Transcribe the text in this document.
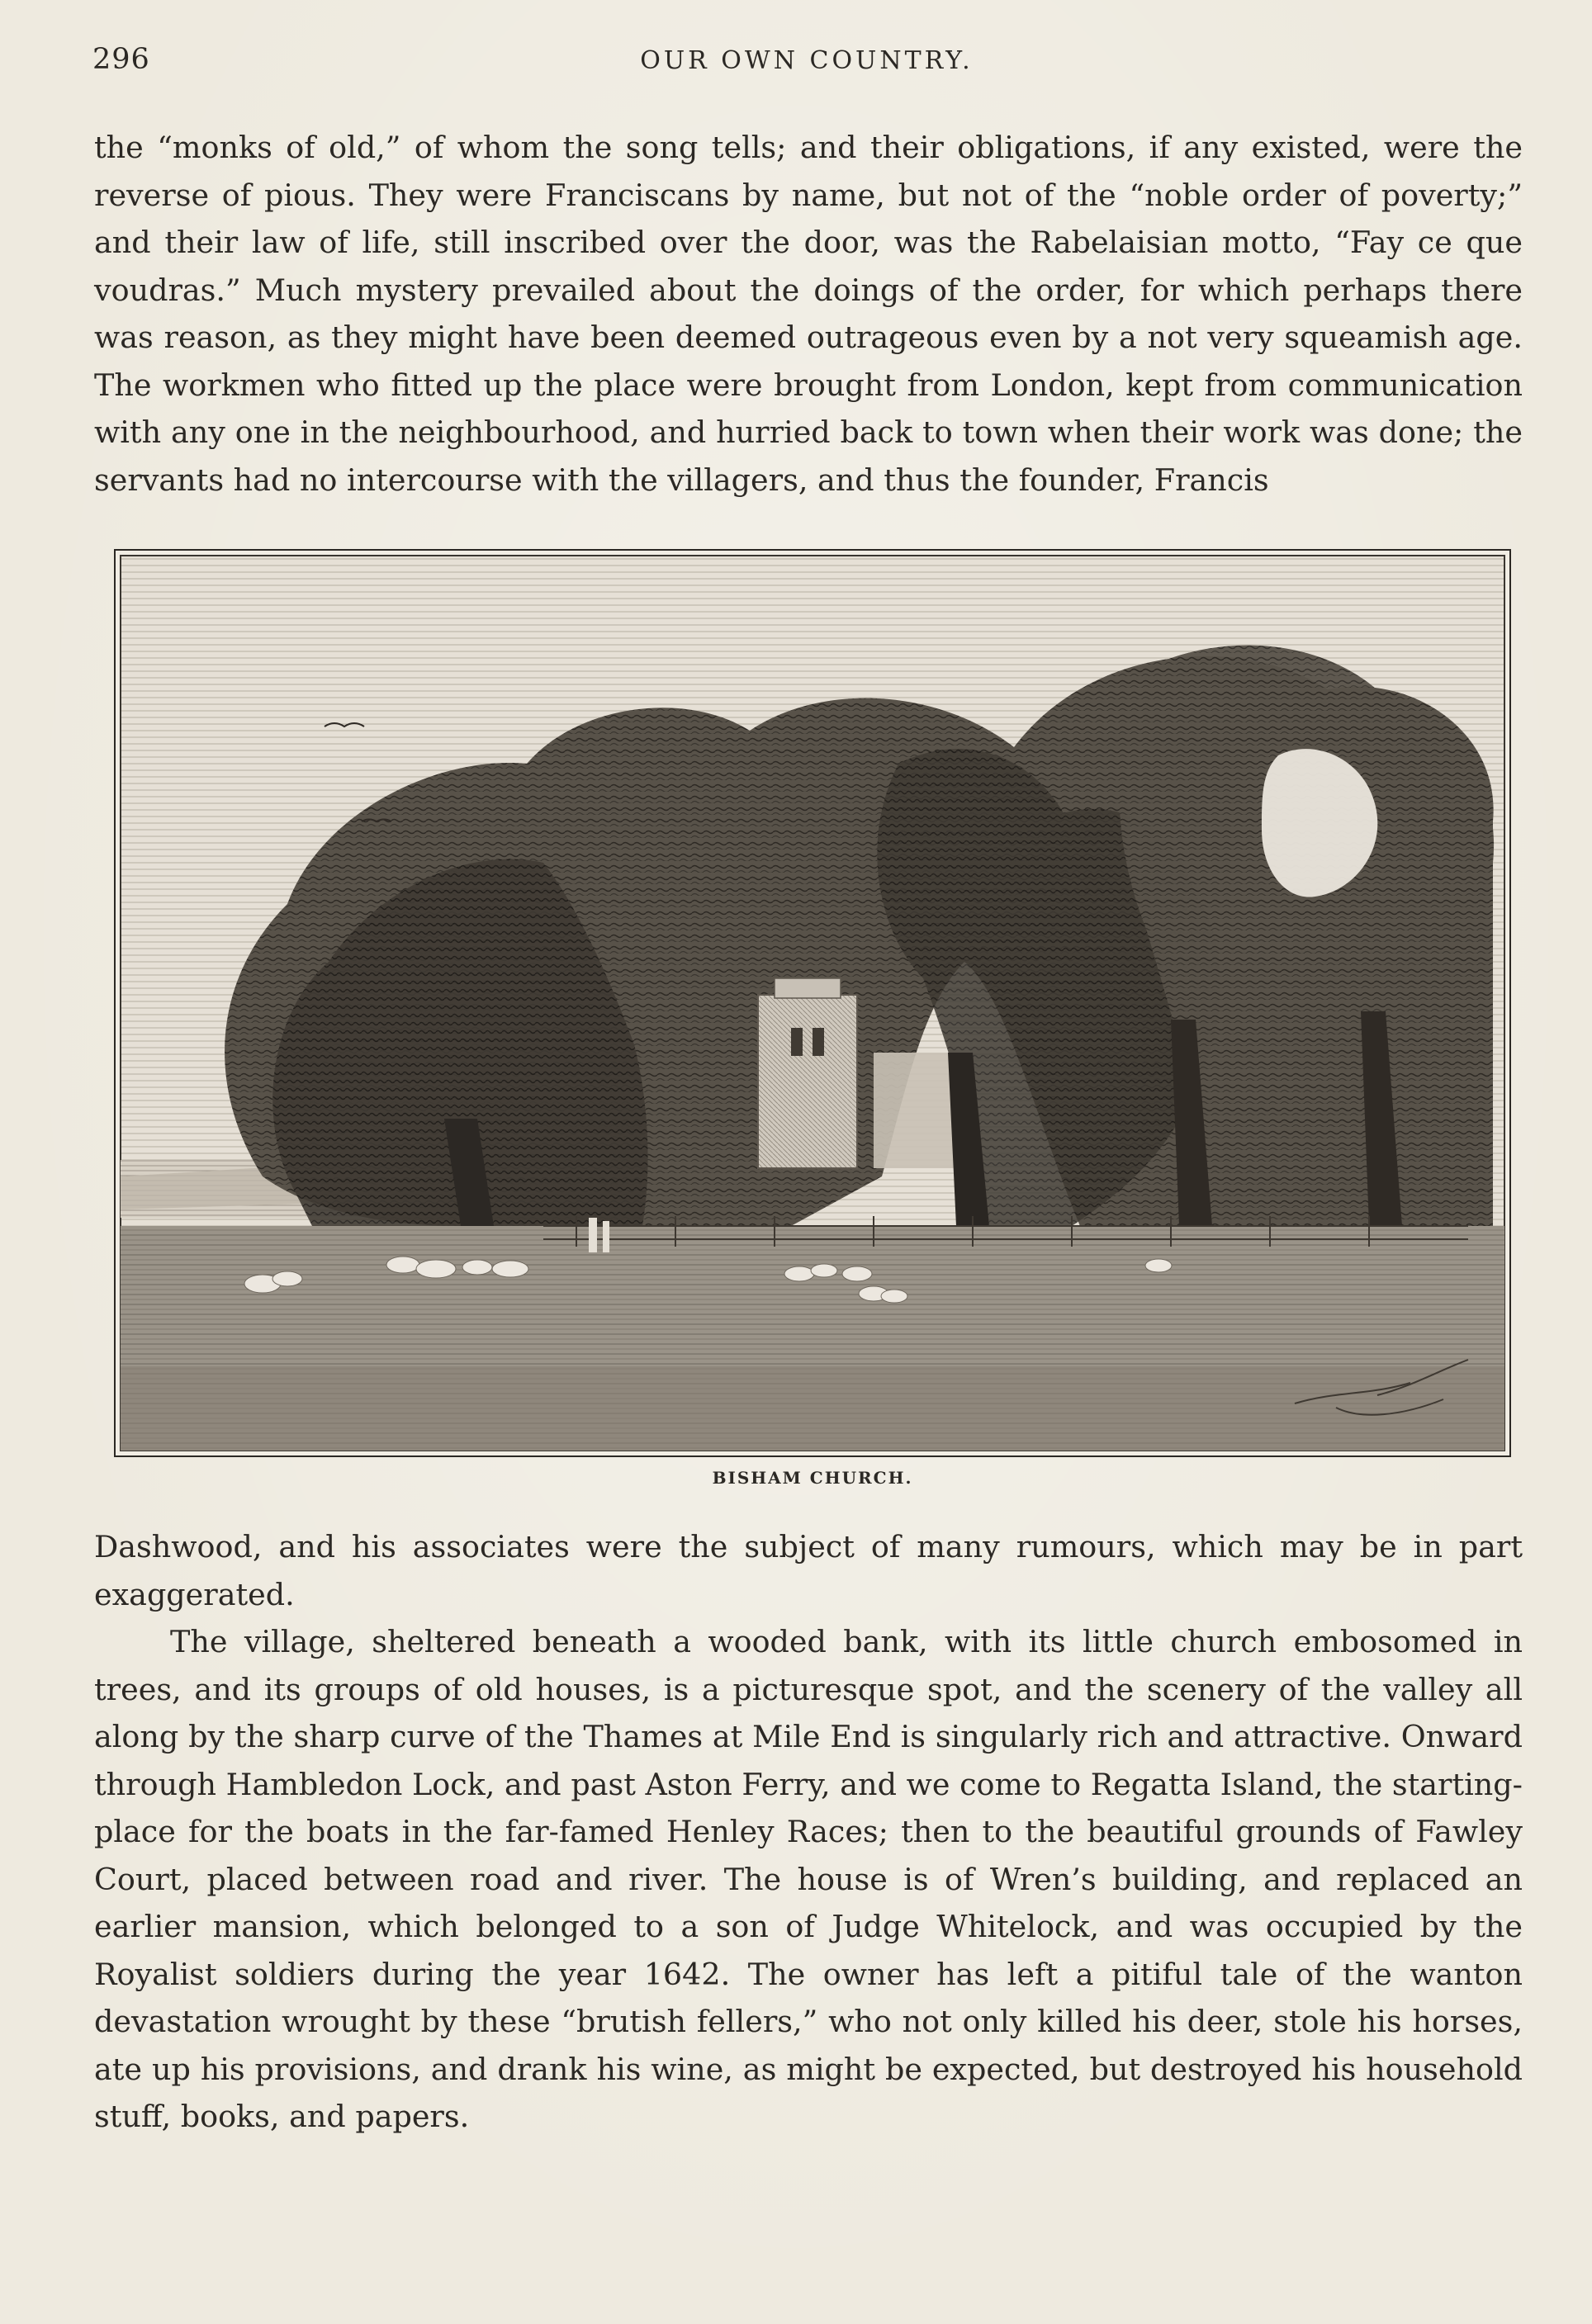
296	OUR OWN COUNTRY.

the “monks of old,” of whom the song tells; and their obligations, if any existed, were the reverse of pious. They were Franciscans by name, but not of the “noble order of poverty;” and their law of life, still inscribed over the door, was the Rabelaisian motto, “Fay ce que voudras.” Much mystery prevailed about the doings of the order, for which perhaps there was reason, as they might have been deemed outrageous even by a not very squeamish age. The workmen who fitted up the place were brought from London, kept from communication with any one in the neighbourhood, and hurried back to town when their work was done; the servants had no intercourse with the villagers, and thus the founder, Francis

BISHAM CHURCH.

Dashwood, and his associates were the subject of many rumours, which may be in part exaggerated.

The village, sheltered beneath a wooded bank, with its little church embosomed in trees, and its groups of old houses, is a picturesque spot, and the scenery of the valley all along by the sharp curve of the Thames at Mile End is singularly rich and attractive. Onward through Hambledon Lock, and past Aston Ferry, and we come to Regatta Island, the starting-place for the boats in the far-famed Henley Races; then to the beautiful grounds of Fawley Court, placed between road and river. The house is of Wren’s building, and replaced an earlier mansion, which belonged to a son of Judge Whitelock, and was occupied by the Royalist soldiers during the year 1642. The owner has left a pitiful tale of the wanton devastation wrought by these “brutish fellers,” who not only killed his deer, stole his horses, ate up his provisions, and drank his wine, as might be expected, but destroyed his household stuff, books, and papers.
